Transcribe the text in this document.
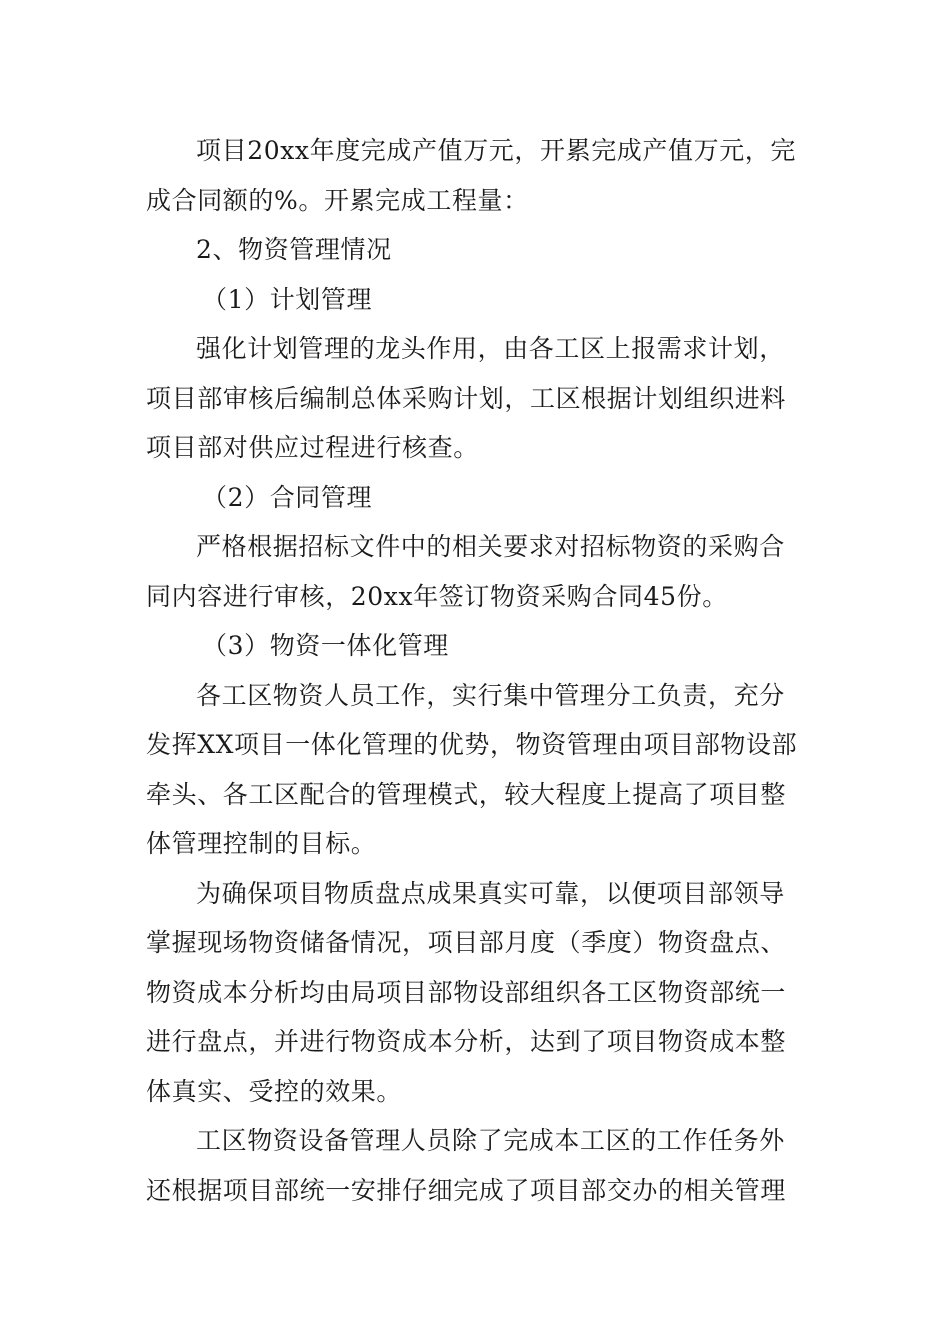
项目20xx年度完成产值万元，开累完成产值万元，完
成合同额的%。开累完成工程量：

2、物资管理情况

（1）计划管理

强化计划管理的龙头作用，由各工区上报需求计划，
项目部审核后编制总体采购计划，工区根据计划组织进料
项目部对供应过程进行核查。

（2）合同管理

严格根据招标文件中的相关要求对招标物资的采购合
同内容进行审核，20xx年签订物资采购合同45份。

（3）物资一体化管理

各工区物资人员工作，实行集中管理分工负责，充分
发挥XX项目一体化管理的优势，物资管理由项目部物设部
牵头、各工区配合的管理模式，较大程度上提高了项目整
体管理控制的目标。

为确保项目物质盘点成果真实可靠，以便项目部领导
掌握现场物资储备情况，项目部月度（季度）物资盘点、
物资成本分析均由局项目部物设部组织各工区物资部统一
进行盘点，并进行物资成本分析，达到了项目物资成本整
体真实、受控的效果。

工区物资设备管理人员除了完成本工区的工作任务外
还根据项目部统一安排仔细完成了项目部交办的相关管理
